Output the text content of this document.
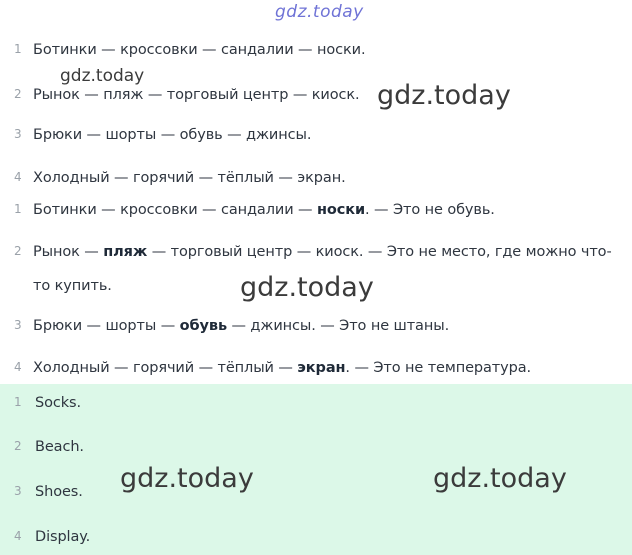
gdz.today
1 Ботинки — кроссовки — сандалии — носки.
2 Рынок — пляж — торговый центр — киоск.
3 Брюки — шорты — обувь — джинсы.
4 Холодный — горячий — тёплый — экран.
1 Ботинки — кроссовки — сандалии — носки. — Это не обувь.
2 Рынок — пляж — торговый центр — киоск. — Это не место, где можно что-
то купить.
3 Брюки — шорты — обувь — джинсы. — Это не штаны.
4 Холодный — горячий — тёплый — экран. — Это не температура.
1 Socks.
2 Beach.
3 Shoes.
4 Display.
gdz.today
gdz.today
gdz.today
gdz.today	gdz.today
